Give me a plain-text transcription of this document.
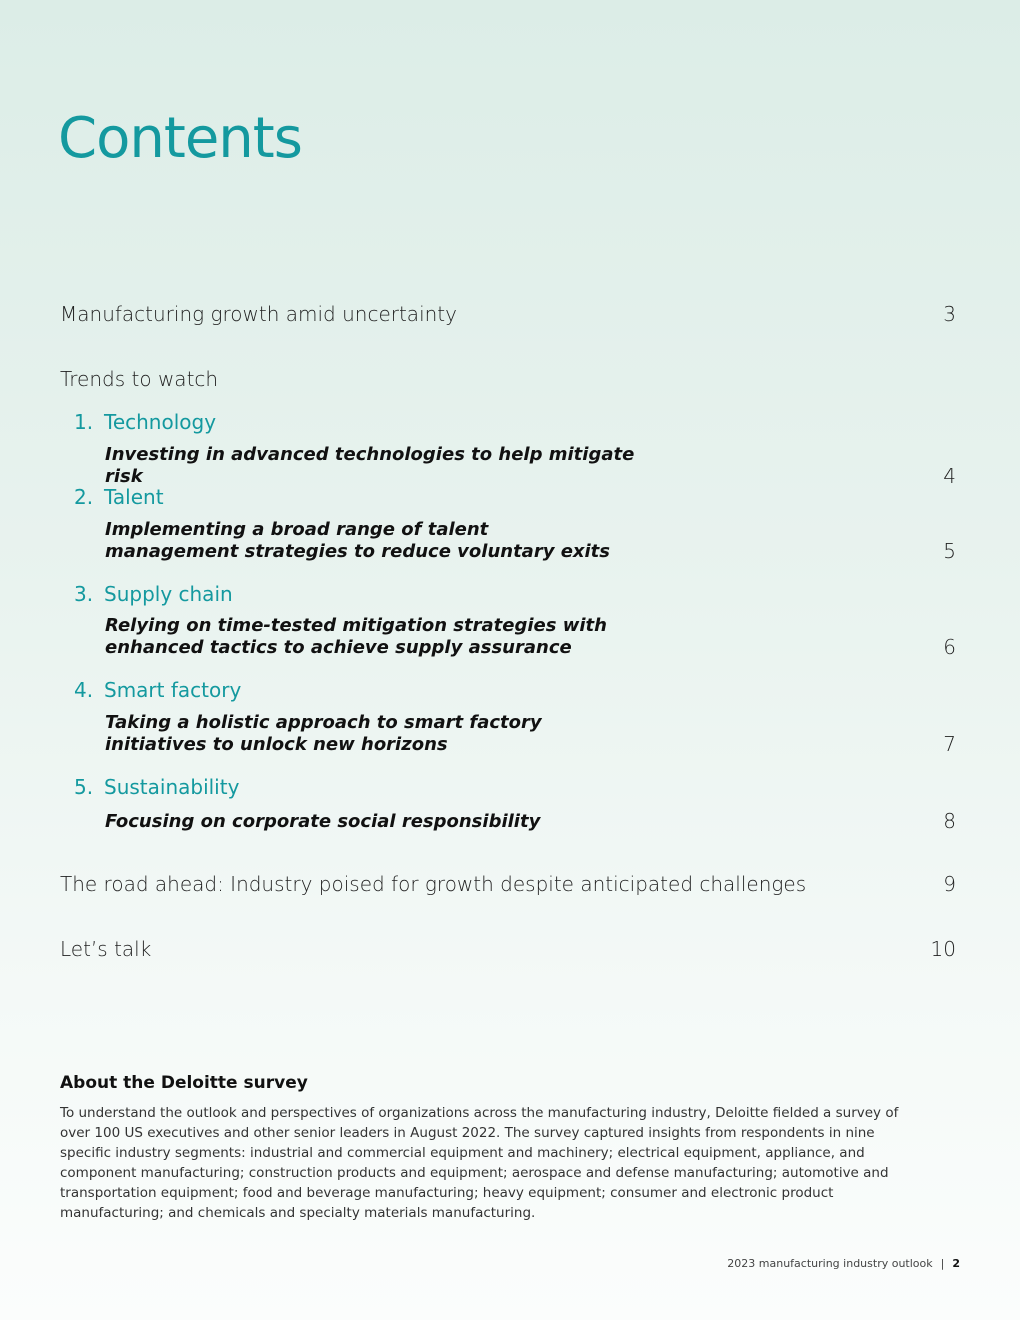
Contents
Manufacturing growth amid uncertainty	3
Trends to watch
1. Technology
Investing in advanced technologies to help mitigate risk	4
2. Talent
Implementing a broad range of talent management strategies to reduce voluntary exits	5
3. Supply chain
Relying on time-tested mitigation strategies with enhanced tactics to achieve supply assurance	6
4. Smart factory
Taking a holistic approach to smart factory initiatives to unlock new horizons	7
5. Sustainability
Focusing on corporate social responsibility	8
The road ahead: Industry poised for growth despite anticipated challenges	9
Let’s talk	10
About the Deloitte survey

To understand the outlook and perspectives of organizations across the manufacturing industry, Deloitte fielded a survey of over 100 US executives and other senior leaders in August 2022. The survey captured insights from respondents in nine specific industry segments: industrial and commercial equipment and machinery; electrical equipment, appliance, and component manufacturing; construction products and equipment; aerospace and defense manufacturing; automotive and transportation equipment; food and beverage manufacturing; heavy equipment; consumer and electronic product manufacturing; and chemicals and specialty materials manufacturing.

2023 manufacturing industry outlook | 2
